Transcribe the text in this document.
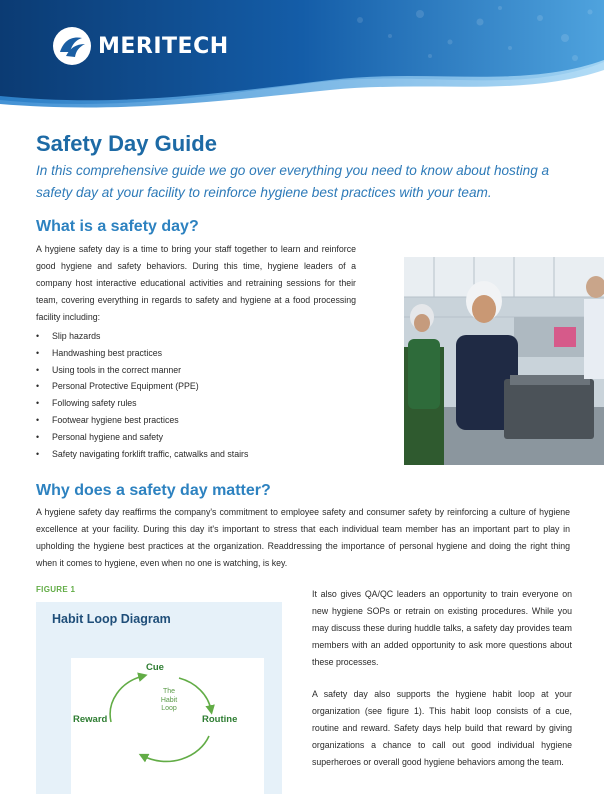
MERITECH
Safety Day Guide
In this comprehensive guide we go over everything you need to know about hosting a safety day at your facility to reinforce hygiene best practices with your team.
What is a safety day?
A hygiene safety day is a time to bring your staff together to learn and reinforce good hygiene and safety behaviors. During this time, hygiene leaders of a company host interactive educational activities and retraining sessions for their team, covering everything in regards to safety and hygiene at a food processing facility including:
•	Slip hazards
•	Handwashing best practices
•	Using tools in the correct manner
•	Personal Protective Equipment (PPE)
•	Following safety rules
•	Footwear hygiene best practices
•	Personal hygiene and safety
•	Safety navigating forklift traffic, catwalks and stairs
Why does a safety day matter?
A hygiene safety day reaffirms the company's commitment to employee safety and consumer safety by reinforcing a culture of hygiene excellence at your facility. During this day it's important to stress that each individual team member has an important part to play in upholding the hygiene best practices at the organization. Readdressing the importance of personal hygiene and doing the right thing when it comes to hygiene, even when no one is watching, is key.
FIGURE 1
Habit Loop Diagram
Cue
Reward	Routine
The
Habit
Loop
It also gives QA/QC leaders an opportunity to train everyone on new hygiene SOPs or retrain on existing procedures. While you may discuss these during huddle talks, a safety day provides team members with an added opportunity to ask more questions about these processes.
A safety day also supports the hygiene habit loop at your organization (see figure 1). This habit loop consists of a cue, routine and reward. Safety days help build that reward by giving organizations a chance to call out good individual hygiene superheroes or overall good hygiene behaviors among the team.
